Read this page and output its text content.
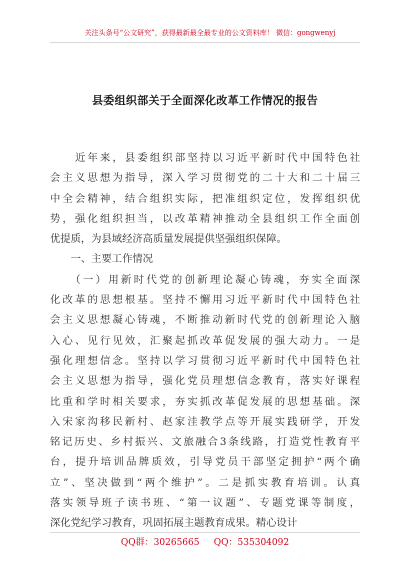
关注头条号“公文研究”，获得最新最全最专业的公文资料库！ 微信：gongwenyj
县委组织部关于全面深化改革工作情况的报告

　　近年来，县委组织部坚持以习近平新时代中国特色社

会主义思想为指导，深入学习贯彻党的二十大和二十届三

中全会精神，结合组织实际，把准组织定位，发挥组织优

势，强化组织担当，以改革精神推动全县组织工作全面创

优提质，为县域经济高质量发展提供坚强组织保障。

　　一、主要工作情况

　　（一）用新时代党的创新理论凝心铸魂，夯实全面深

化改革的思想根基。坚持不懈用习近平新时代中国特色社

会主义思想凝心铸魂，不断推动新时代党的创新理论入脑

入心、见行见效，汇聚起抓改革促发展的强大动力。一是

强化理想信念。坚持以学习贯彻习近平新时代中国特色社

会主义思想为指导，强化党员理想信念教育，落实好课程

比重和学时相关要求，夯实抓改革促发展的思想基础。深

入宋家沟移民新村、赵家洼教学点等开展实践研学，开发

铭记历史、乡村振兴、文旅融合3条线路，打造党性教育平

台，提升培训品牌质效，引导党员干部坚定拥护“两个确

立”、坚决做到“两个维护”。二是抓实教育培训。认真

落实领导班子读书班、“第一议题”、专题党课等制度，

深化党纪学习教育，巩固拓展主题教育成果。精心设计

QQ群：30265665 QQ：535304092
